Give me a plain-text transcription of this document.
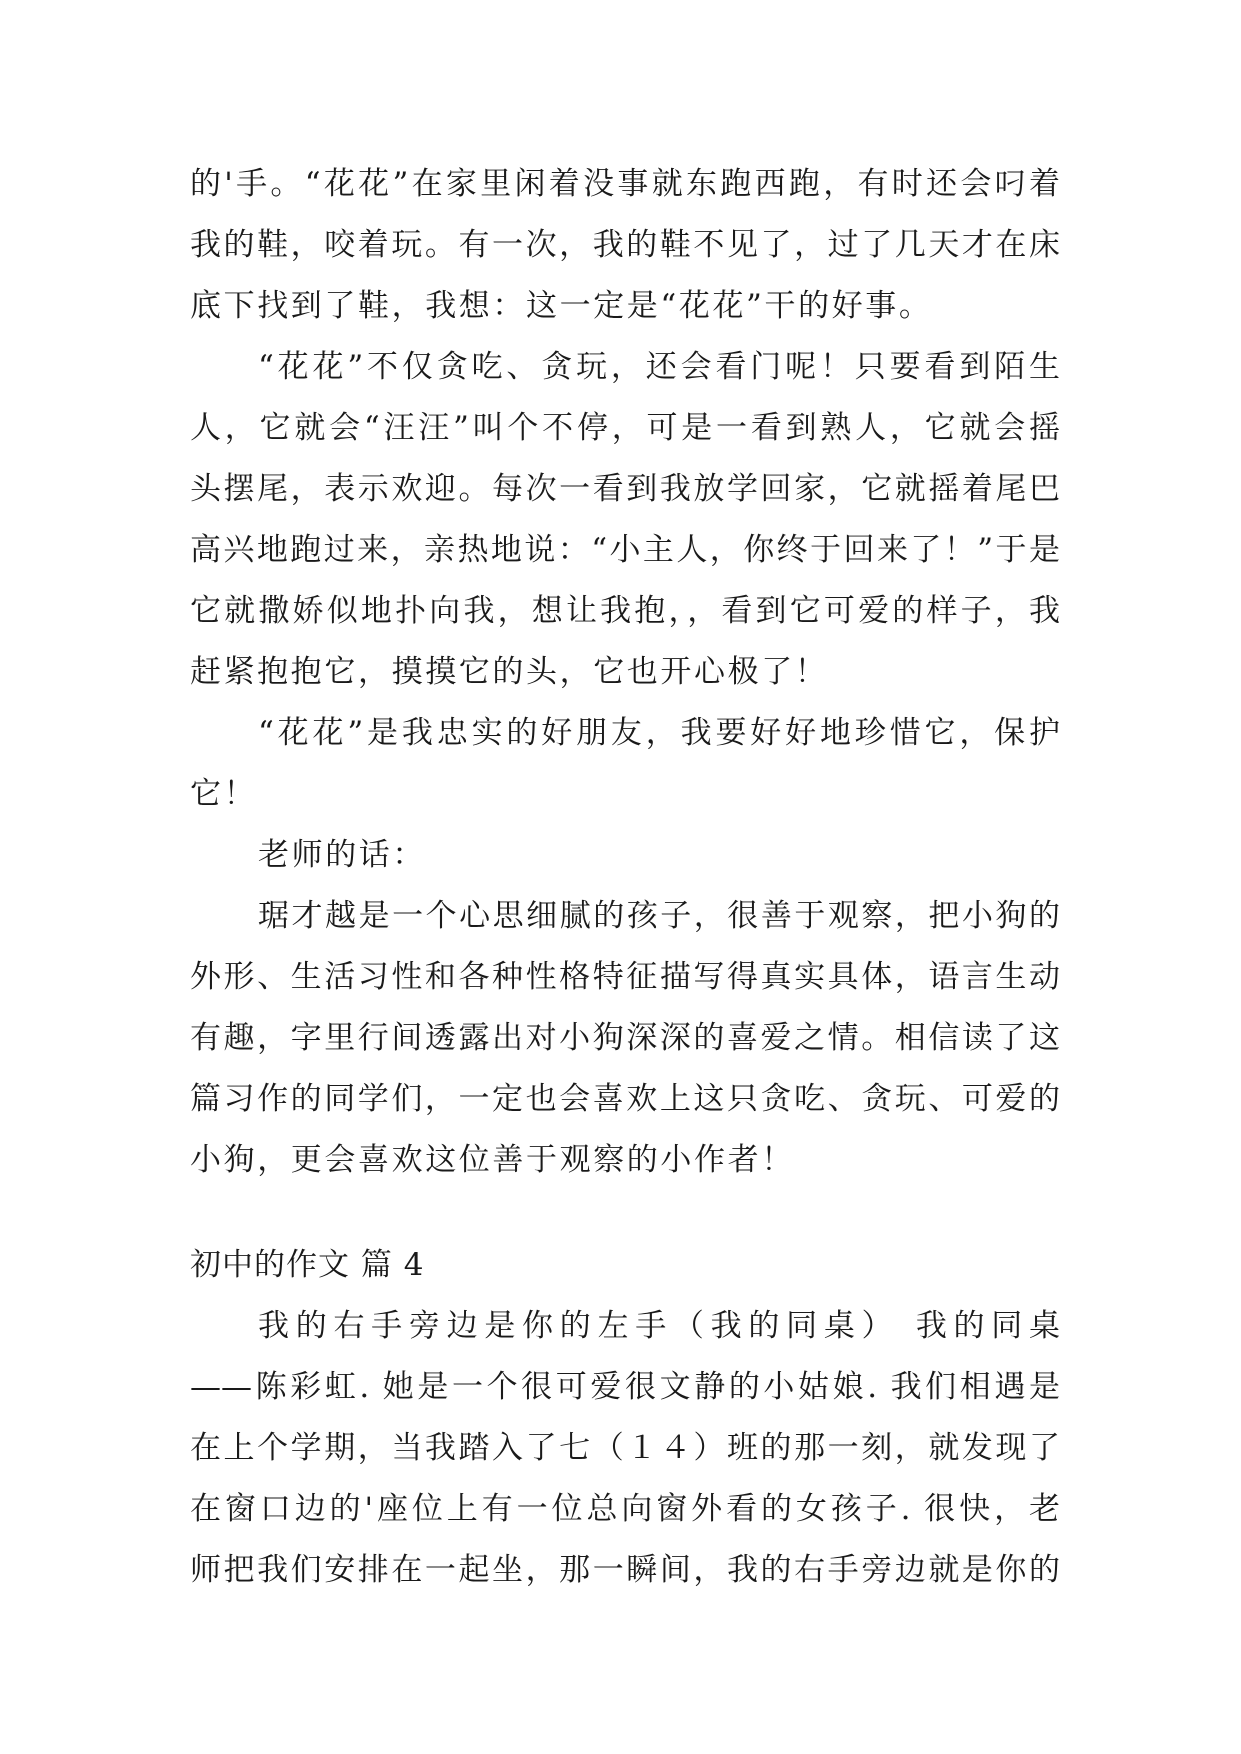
的'手。“花花”在家里闲着没事就东跑西跑，有时还会叼着
我的鞋，咬着玩。有一次，我的鞋不见了，过了几天才在床
底下找到了鞋，我想：这一定是“花花”干的好事。
“花花”不仅贪吃、贪玩，还会看门呢！只要看到陌生
人，它就会“汪汪”叫个不停，可是一看到熟人，它就会摇
头摆尾，表示欢迎。每次一看到我放学回家，它就摇着尾巴
高兴地跑过来，亲热地说：“小主人，你终于回来了！”于是
它就撒娇似地扑向我，想让我抱，，看到它可爱的样子，我
赶紧抱抱它，摸摸它的头，它也开心极了！
“花花”是我忠实的好朋友，我要好好地珍惜它，保护
它！
老师的话：
琚才越是一个心思细腻的孩子，很善于观察，把小狗的
外形、生活习性和各种性格特征描写得真实具体，语言生动
有趣，字里行间透露出对小狗深深的喜爱之情。相信读了这
篇习作的同学们，一定也会喜欢上这只贪吃、贪玩、可爱的
小狗，更会喜欢这位善于观察的小作者！
初中的作文 篇 4
我的右手旁边是你的左手（我的同桌） 我的同桌
——陈彩虹. 她是一个很可爱很文静的小姑娘. 我们相遇是
在上个学期，当我踏入了七（１４）班的那一刻，就发现了
在窗口边的'座位上有一位总向窗外看的女孩子. 很快，老
师把我们安排在一起坐，那一瞬间，我的右手旁边就是你的
